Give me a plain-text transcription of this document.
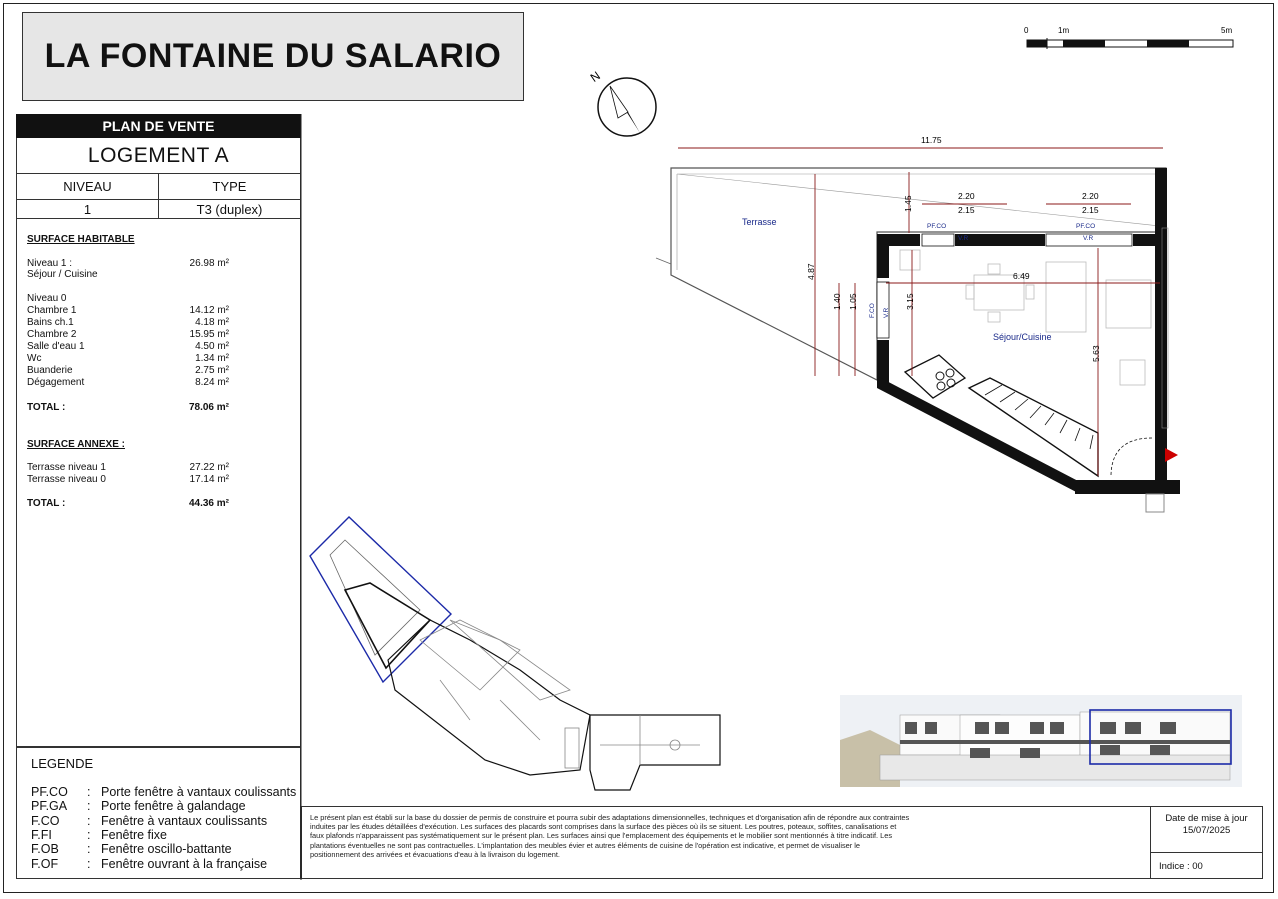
LA FONTAINE DU SALARIO
PLAN DE VENTE
LOGEMENT A
NIVEAU	TYPE
1	T3 (duplex)
SURFACE HABITABLE
Niveau 1 :	26.98 m²
Séjour / Cuisine
Niveau 0
Chambre 1	14.12 m²
Bains ch.1	4.18 m²
Chambre 2	15.95 m²
Salle d'eau 1	4.50 m²
Wc	1.34 m²
Buanderie	2.75 m²
Dégagement	8.24 m²
TOTAL :	78.06 m²
SURFACE ANNEXE :
Terrasse niveau 1	27.22 m²
Terrasse niveau 0	17.14 m²
TOTAL :	44.36 m²
LEGENDE
PF.CO : Porte fenêtre à vantaux coulissants
PF.GA : Porte fenêtre à galandage
F.CO : Fenêtre à vantaux coulissants
F.FI	: Fenêtre fixe
F.OB : Fenêtre oscillo-battante
F.OF : Fenêtre ouvrant à la française
Le présent plan est établi sur la base du dossier de permis de construire et pourra subir des adaptations dimensionnelles, techniques et d'organisation afin de répondre aux contraintes induites par les études détaillées d'exécution. Les surfaces des placards sont comprises dans la surface des pièces où ils se situent. Les poutres, poteaux, soffites, canalisations et faux plafonds n'apparaissent pas systématiquement sur le présent plan. Les surfaces ainsi que l'emplacement des équipements et le mobilier sont mentionnés à titre indicatif. Les plantations éventuelles ne sont pas contractuelles. L'implantation des meubles évier et autres éléments de cuisine de l'opération est indicative, et permet de visualiser le positionnement des arrivées et évacuations d'eau à la livraison du logement.
Date de mise à jour
15/07/2025
Indice : 00
0	1m	5m
N
11.75
2.20
2.15
2.20
2.15
1.45
4.87	6.49
1.40 1.05	3.15
5.63
Terrasse
Séjour/Cuisine
PF.CO
V.R
PF.CO
V.R
F.CO V.R
